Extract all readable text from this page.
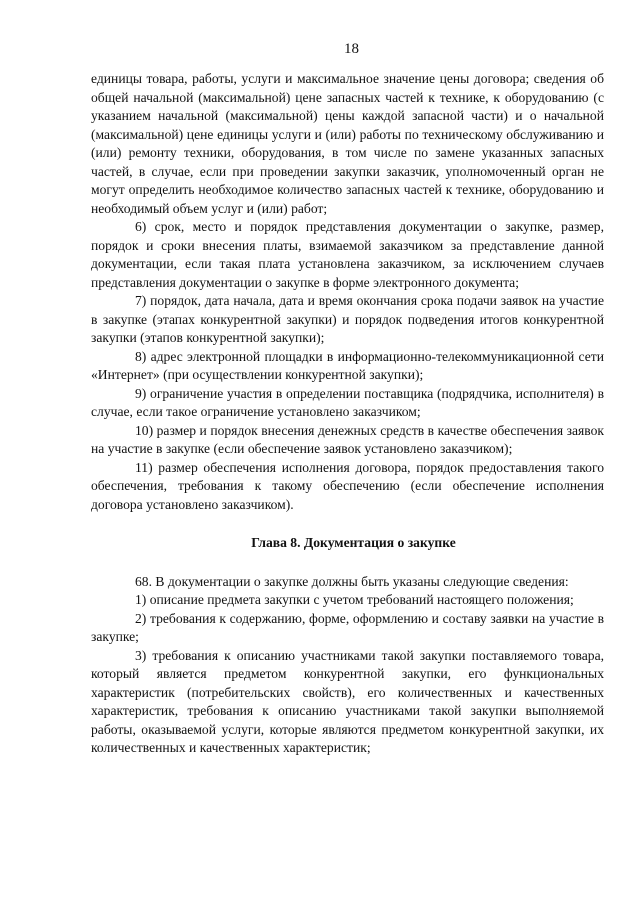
18

единицы товара, работы, услуги и максимальное значение цены договора; сведения об общей начальной (максимальной) цене запасных частей к технике, к оборудованию (с указанием начальной (максимальной) цены каждой запасной части) и о начальной (максимальной) цене единицы услуги и (или) работы по техническому обслуживанию и (или) ремонту техники, оборудования, в том числе по замене указанных запасных частей, в случае, если при проведении закупки заказчик, уполномоченный орган не могут определить необходимое количество запасных частей к технике, оборудованию и необходимый объем услуг и (или) работ;

6) срок, место и порядок представления документации о закупке, размер, порядок и сроки внесения платы, взимаемой заказчиком за представление данной документации, если такая плата установлена заказчиком, за исключением случаев представления документации о закупке в форме электронного документа;

7) порядок, дата начала, дата и время окончания срока подачи заявок на участие в закупке (этапах конкурентной закупки) и порядок подведения итогов конкурентной закупки (этапов конкурентной закупки);

8) адрес электронной площадки в информационно-телекоммуникационной сети «Интернет» (при осуществлении конкурентной закупки);

9) ограничение участия в определении поставщика (подрядчика, исполнителя) в случае, если такое ограничение установлено заказчиком;

10) размер и порядок внесения денежных средств в качестве обеспечения заявок на участие в закупке (если обеспечение заявок установлено заказчиком);

11) размер обеспечения исполнения договора, порядок предоставления такого обеспечения, требования к такому обеспечению (если обеспечение исполнения договора установлено заказчиком).

Глава 8. Документация о закупке

68. В документации о закупке должны быть указаны следующие сведения:

1) описание предмета закупки с учетом требований настоящего положения;

2) требования к содержанию, форме, оформлению и составу заявки на участие в закупке;

3) требования к описанию участниками такой закупки поставляемого товара, который является предметом конкурентной закупки, его функциональных характеристик (потребительских свойств), его количественных и качественных характеристик, требования к описанию участниками такой закупки выполняемой работы, оказываемой услуги, которые являются предметом конкурентной закупки, их количественных и качественных характеристик;
